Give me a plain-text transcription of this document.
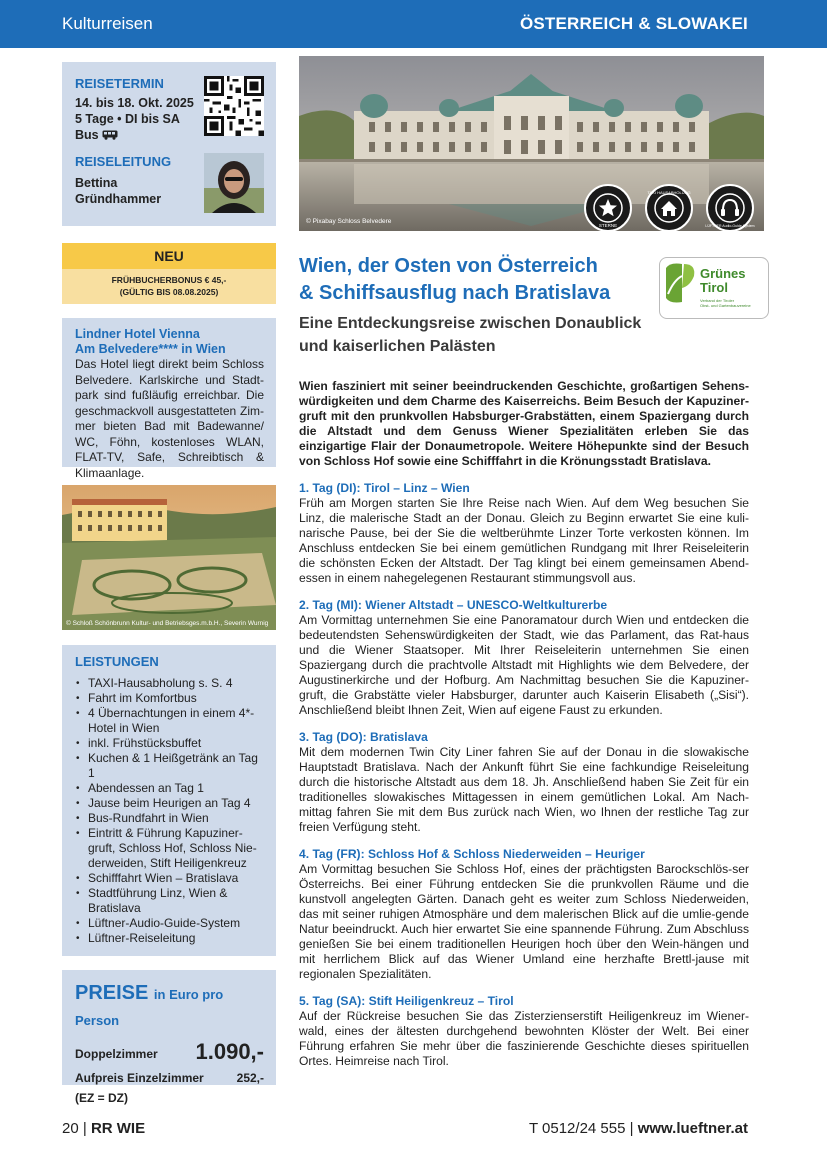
Kulturreisen	ÖSTERREICH & SLOWAKEI
REISETERMIN
14. bis 18. Okt. 2025
5 Tage • DI bis SA
Bus
REISELEITUNG
Bettina
Gründhammer
NEU
FRÜHBUCHERBONUS € 45,-
(GÜLTIG BIS 08.08.2025)
Lindner Hotel Vienna
Am Belvedere**** in Wien
Das Hotel liegt direkt beim Schloss Belvedere. Karlskirche und Stadt-park sind fußläufig erreichbar. Die geschmackvoll ausgestatteten Zim-mer bieten Bad mit Badewanne/ WC, Föhn, kostenloses WLAN, FLAT-TV, Safe, Schreibtisch & Klimaanlage.
© Schloß Schönbrunn Kultur- und Betriebsges.m.b.H., Severin Wurnig
LEISTUNGEN
• TAXI-Hausabholung s. S. 4
• Fahrt im Komfortbus
• 4 Übernachtungen in einem 4*-Hotel in Wien
• inkl. Frühstücksbuffet
• Kuchen & 1 Heißgetränk an Tag 1
• Abendessen an Tag 1
• Jause beim Heurigen an Tag 4
• Bus-Rundfahrt in Wien
• Eintritt & Führung Kapuziner-gruft, Schloss Hof, Schloss Nie-derweiden, Stift Heiligenkreuz
• Schifffahrt Wien – Bratislava
• Stadtführung Linz, Wien & Bratislava
• Lüftner-Audio-Guide-System
• Lüftner-Reiseleitung
PREISE in Euro pro Person
Doppelzimmer 1.090,-
Aufpreis Einzelzimmer	252,-
(EZ = DZ)
© Pixabay Schloss Belvedere
STERNE
TAXI HAUSABHOLUNG
LÜFTNER Audio-Guide-System
Wien, der Osten von Österreich
& Schiffsausflug nach Bratislava
Eine Entdeckungsreise zwischen Donaublick
und kaiserlichen Palästen
Grünes
Tirol
Verband der Tiroler
Obst- und Gartenbauvereine
Wien fasziniert mit seiner beeindruckenden Geschichte, großartigen Sehens-würdigkeiten und dem Charme des Kaiserreichs. Beim Besuch der Kapuziner-gruft mit den prunkvollen Habsburger-Grabstätten, einem Spaziergang durch die Altstadt und dem Genuss Wiener Spezialitäten erleben Sie das einzigartige Flair der Donaumetropole. Weitere Höhepunkte sind der Besuch von Schloss Hof sowie eine Schifffahrt in die Krönungsstadt Bratislava.
1. Tag (DI): Tirol – Linz – Wien
Früh am Morgen starten Sie Ihre Reise nach Wien. Auf dem Weg besuchen Sie Linz, die malerische Stadt an der Donau. Gleich zu Beginn erwartet Sie eine kuli-narische Pause, bei der Sie die weltberühmte Linzer Torte verkosten können. Im Anschluss entdecken Sie bei einem gemütlichen Rundgang mit Ihrer Reiseleiterin die schönsten Ecken der Altstadt. Der Tag klingt bei einem gemeinsamen Abend-essen in einem nahegelegenen Restaurant stimmungsvoll aus.
2. Tag (MI): Wiener Altstadt – UNESCO-Weltkulturerbe
Am Vormittag unternehmen Sie eine Panoramatour durch Wien und entdecken die bedeutendsten Sehenswürdigkeiten der Stadt, wie das Parlament, das Rat-haus und die Wiener Staatsoper. Mit Ihrer Reiseleiterin unternehmen Sie einen Spaziergang durch die prachtvolle Altstadt mit Highlights wie dem Belvedere, der Augustinerkirche und der Hofburg. Am Nachmittag besuchen Sie die Kapuziner-gruft, die Grabstätte vieler Habsburger, darunter auch Kaiserin Elisabeth („Sisi“). Anschließend bleibt Ihnen Zeit, Wien auf eigene Faust zu erkunden.
3. Tag (DO): Bratislava
Mit dem modernen Twin City Liner fahren Sie auf der Donau in die slowakische Hauptstadt Bratislava. Nach der Ankunft führt Sie eine fachkundige Reiseleitung durch die historische Altstadt aus dem 18. Jh. Anschließend haben Sie Zeit für ein traditionelles slowakisches Mittagessen in einem gemütlichen Lokal. Am Nach-mittag fahren Sie mit dem Bus zurück nach Wien, wo Ihnen der restliche Tag zur freien Verfügung steht.
4. Tag (FR): Schloss Hof & Schloss Niederweiden – Heuriger
Am Vormittag besuchen Sie Schloss Hof, eines der prächtigsten Barockschlös-ser Österreichs. Bei einer Führung entdecken Sie die prunkvollen Räume und die kunstvoll angelegten Gärten. Danach geht es weiter zum Schloss Niederweiden, das mit seiner ruhigen Atmosphäre und dem malerischen Blick auf die umlie-gende Natur beeindruckt. Auch hier erwartet Sie eine spannende Führung. Zum Abschluss genießen Sie bei einem traditionellen Heurigen hoch über den Wein-hängen und mit herrlichem Blick auf das Wiener Umland eine herzhafte Brettl-jause mit regionalen Spezialitäten.
5. Tag (SA): Stift Heiligenkreuz – Tirol
Auf der Rückreise besuchen Sie das Zisterzienserstift Heiligenkreuz im Wiener-wald, eines der ältesten durchgehend bewohnten Klöster der Welt. Bei einer Führung erfahren Sie mehr über die faszinierende Geschichte dieses spirituellen Ortes. Heimreise nach Tirol.
20 | RR WIE	T 0512/24 555 | www.lueftner.at
